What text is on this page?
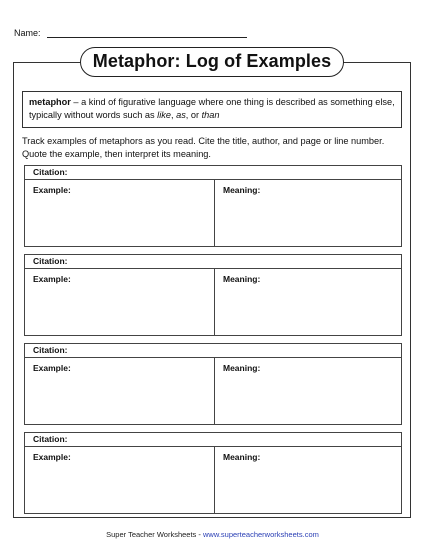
Name:
Metaphor: Log of Examples
metaphor – a kind of figurative language where one thing is described as something else, typically without words such as like, as, or than
Track examples of metaphors as you read. Cite the title, author, and page or line number. Quote the example, then interpret its meaning.
Citation:
Example:	Meaning:
Citation:
Example:	Meaning:
Citation:
Example:	Meaning:
Citation:
Example:	Meaning:
Super Teacher Worksheets - www.superteacherworksheets.com
